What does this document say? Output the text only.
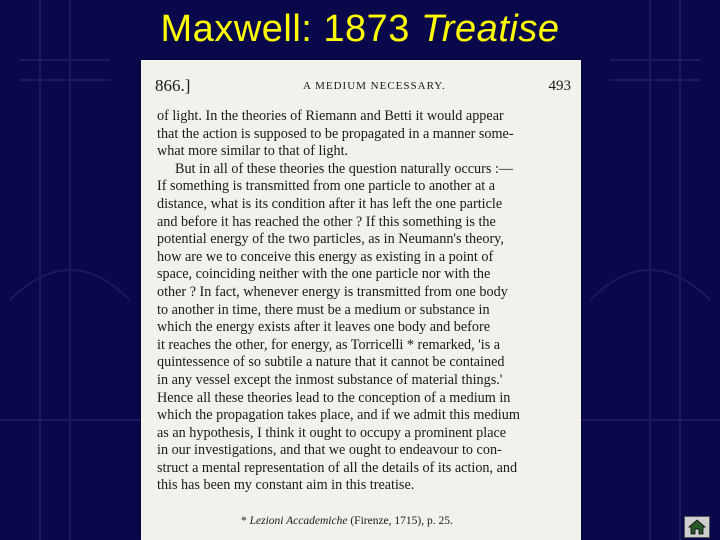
Maxwell: 1873 Treatise
866.]	A MEDIUM NECESSARY.	493
of light. In the theories of Riemann and Betti it would appear
that the action is supposed to be propagated in a manner some-
what more similar to that of light.
But in all of these theories the question naturally occurs :—
If something is transmitted from one particle to another at a
distance, what is its condition after it has left the one particle
and before it has reached the other ? If this something is the
potential energy of the two particles, as in Neumann's theory,
how are we to conceive this energy as existing in a point of
space, coinciding neither with the one particle nor with the
other ? In fact, whenever energy is transmitted from one body
to another in time, there must be a medium or substance in
which the energy exists after it leaves one body and before
it reaches the other, for energy, as Torricelli * remarked, 'is a
quintessence of so subtile a nature that it cannot be contained
in any vessel except the inmost substance of material things.'
Hence all these theories lead to the conception of a medium in
which the propagation takes place, and if we admit this medium
as an hypothesis, I think it ought to occupy a prominent place
in our investigations, and that we ought to endeavour to con-
struct a mental representation of all the details of its action, and
this has been my constant aim in this treatise.
* Lezioni Accademiche (Firenze, 1715), p. 25.
